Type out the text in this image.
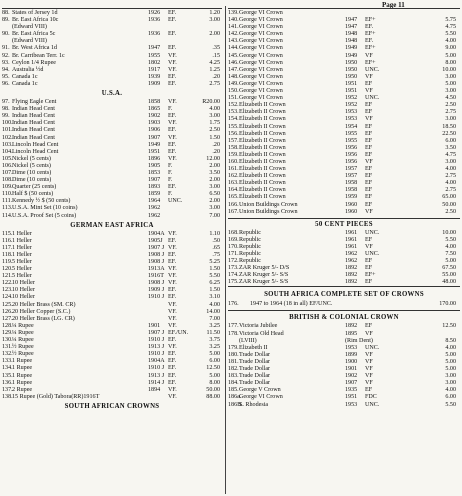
Page 11
88. States of Jersey 1d	1926 EF.	1.20
89. Br. East Africa 10c	1936 EF.	3.00
(Edward VIII)
90. Br. East Africa 5c	1936 EF.	2.00
(Edward VIII)
91. Br. West Africa 1d	1947 EF.	.35
92. Br. Carribean Terr. 1c	1955 VF.	.15
93. Ceylon 1/4 Rupee	1802 VF.	4.25
94. Australia ½d	1917 VF.	1.25
95. Canada 1c	1939 EF.	.20
96. Canada 1c	1909 EF.	2.75
U.S.A.
97. Flying Eagle Cent	1858 VF.	R20.00
98. Indian Head Cent	1865 F.	4.00
99. Indian Head Cent	1902 EF.	3.00
100. Indian Head Cent	1903 VF.	1.75
101. Indian Head Cent	1906 EF.	2.50
102. Indian Head Cent	1907 VF.	1.50
103. Lincoln Head Cent	1949 EF.	.20
104. Lincoln Head Cent	1951 EF.	.20
105. Nickel (5 cents)	1896 VF.	12.00
106. Nickel (5 cents)	1905 F.	2.00
107. Dime (10 cents)	1853 F.	3.50
108. Dime (10 cents)	1907 F.	2.00
109. Quarter (25 cents)	1893 EF.	3.00
110. Half $ (50 cents)	1859 F.	6.50
111. Kennedy ½ $ (50 cents)	1964 UNC.	2.00
113. U.S.A. Mint Set (10 coins)	1962	3.00
114. U.S.A. Proof Set (5 coins)	1962	7.00
GERMAN EAST AFRICA
115. 1 Heller	1904A VF.	1.10
116. 1 Heller	1905J EF.	.50
117. 1 Heller	1907 J VF.	.65
118. 1 Heller	1908 J EF.	.75
119. 5 Heller	1908 J EF.	5.25
120. 5 Heller	1913A VF.	1.50
121. 5 Heller	1916T VF.	5.50
122. 10 Heller	1908 J VF.	6.25
123. 10 Heller	1909 J EF.	1.50
124. 10 Heller	1910 J EF.	3.10
125. 20 Heller Brass (SM. CR)	VF.	4.00
126. 20 Heller Copper (S.C.)	VF.	14.00
127. 20 Heller Brass (LG. CR)	VF.	7.00
128. ¼ Rupee	1901 VF.	3.25
129. ¼ Rupee	1907 J EF./UN.	11.50
130. ¼ Rupee	1910 J EF.	3.75
131. ½ Rupee	1913 J VF.	3.25
132. ½ Rupee	1910 J EF.	5.00
133. 1 Rupee	1904A EF.	6.00
134. 1 Rupee	1910 J EF.	12.50
135. 1 Rupee	1913 J EF.	5.00
136. 1 Rupee	1914 J EF.	8.00
137. 2 Rupee	1894 VF.	50.00
138. 15 Rupee (Gold) Tabora(RR)1916T	VF.	88.00
SOUTH AFRICAN CROWNS
139. George VI Crown
140. George VI Crown	1947 EF+	5.75
141. George VI Crown	1947 EF.	4.75
142. George VI Crown	1948 EF+	5.50
143. George VI Crown	1948 EF.	4.00
144. George VI Crown	1949 EF+	9.00
145. George VI Crown	1949 VF	5.00
146. George VI Crown	1950 EF+	8.00
147. George VI Crown	1950 UNC.	10.00
148. George VI Crown	1950 VF	3.00
149. George VI Crown	1951 EF	5.00
150. George VI Crown	1951 VF	3.00
151. George VI Crown	1952 UNC.	4.50
152. Elizabeth II Crown	1952 EF	2.50
153. Elizabeth II Crown	1953 EF	2.75
154. Elizabeth II Crown	1953 VF	3.00
155. Elizabeth II Crown	1954 EF	18.50
156. Elizabeth II Crown	1955 EF	22.50
157. Elizabeth II Crown	1955 EF	6.00
158. Elizabeth II Crown	1956 EF	3.50
159. Elizabeth II Crown	1956 EF	4.75
160. Elizabeth II Crown	1956 VF	3.00
161. Elizabeth II Crown	1957 EF	4.00
162. Elizabeth II Crown	1957 EF	2.75
163. Elizabeth II Crown	1958 EF	4.00
164. Elizabeth II Crown	1958 EF	2.75
165. Elizabeth II Crown	1959 EF	65.00
166. Union Buildings Crown	1960 EF	50.00
167. Union Buildings Crown	1960 VF	2.50
50 CENT PIECES
168. Republic	1961 UNC.	10.00
169. Republic	1961 EF	5.50
170. Republic	1961 VF	4.00
171. Republic	1962 UNC.	7.50
172. Republic	1962 EF	5.00
173. ZAR Kruger 5/- D/S	1892 EF	67.50
174. ZAR Kruger 5/- S/S	1892 EF+	55.00
175. ZAR Kruger 5/- S/S	1892 EF	48.00
SOUTH AFRICA COMPLETE SET OF CROWNS
176. 1947 to 1964 (18 in all) EF/UNC.	170.00
BRITISH & COLONIAL CROWN
177. Victoria Jubilee	1892 EF	12.50
178. Victoria Old Head	1895 VF
(LVIII)	(Rim Dent)	8.50
179. Elizabeth II	1953 UNC.	4.00
180. Trade Dollar	1899 VF	5.00
181. Trade Dollar	1900 VF	5.00
182. Trade Dollar	1901 VF	5.00
183. Trade Dollar	1902 VF	3.00
184. Trade Dollar	1907 VF	3.00
185. George V Crown	1935 EF	4.00
186a.
George VI Crown	1951 FDC	6.00
186B.
S. Rhodesia	1953 UNC.	5.50
